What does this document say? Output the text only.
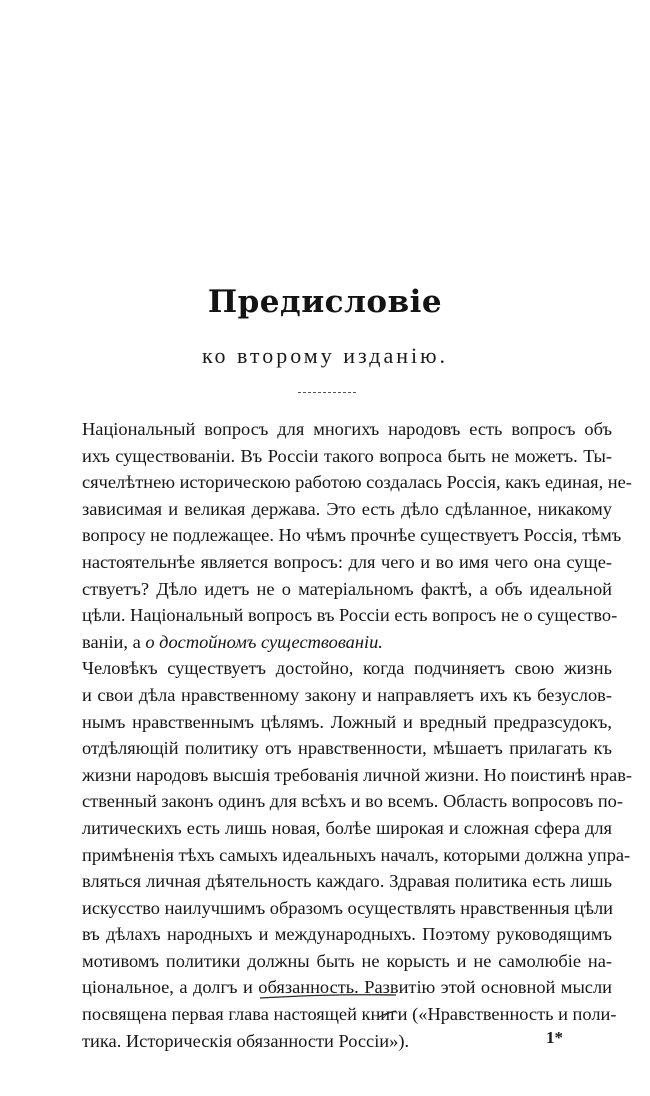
Предисловіе
ко второму изданію.

Національный вопросъ для многихъ народовъ есть вопросъ объ
ихъ существованіи. Въ Россіи такого вопроса быть не можетъ. Ты-
сячелѣтнею историческою работою создалась Россія, какъ единая, не-
зависимая и великая держава. Это есть дѣло сдѣланное, никакому
вопросу не подлежащее. Но чѣмъ прочнѣе существуетъ Россія, тѣмъ
настоятельнѣе является вопросъ: для чего и во имя чего она суще-
ствуетъ? Дѣло идетъ не о матеріальномъ фактѣ, а объ идеальной
цѣли. Національный вопросъ въ Россіи есть вопросъ не о существо-
ваніи, а о достойномъ существованіи.

Человѣкъ существуетъ достойно, когда подчиняетъ свою жизнь
и свои дѣла нравственному закону и направляетъ ихъ къ безуслов-
нымъ нравственнымъ цѣлямъ. Ложный и вредный предразсудокъ,
отдѣляющій политику отъ нравственности, мѣшаетъ прилагать къ
жизни народовъ высшія требованія личной жизни. Но поистинѣ нрав-
ственный законъ одинъ для всѣхъ и во всемъ. Область вопросовъ по-
литическихъ есть лишь новая, болѣе широкая и сложная сфера для
примѣненія тѣхъ самыхъ идеальныхъ началъ, которыми должна упра-
вляться личная дѣятельность каждаго. Здравая политика есть лишь
искусство наилучшимъ образомъ осуществлять нравственныя цѣли
въ дѣлахъ народныхъ и международныхъ. Поэтому руководящимъ
мотивомъ политики должны быть не корысть и не самолюбіе на-
ціональное, а долгъ и обязанность. Развитію этой основной мысли
посвящена первая глава настоящей книги («Нравственность и поли-
тика. Историческія обязанности Россіи»).	1*
